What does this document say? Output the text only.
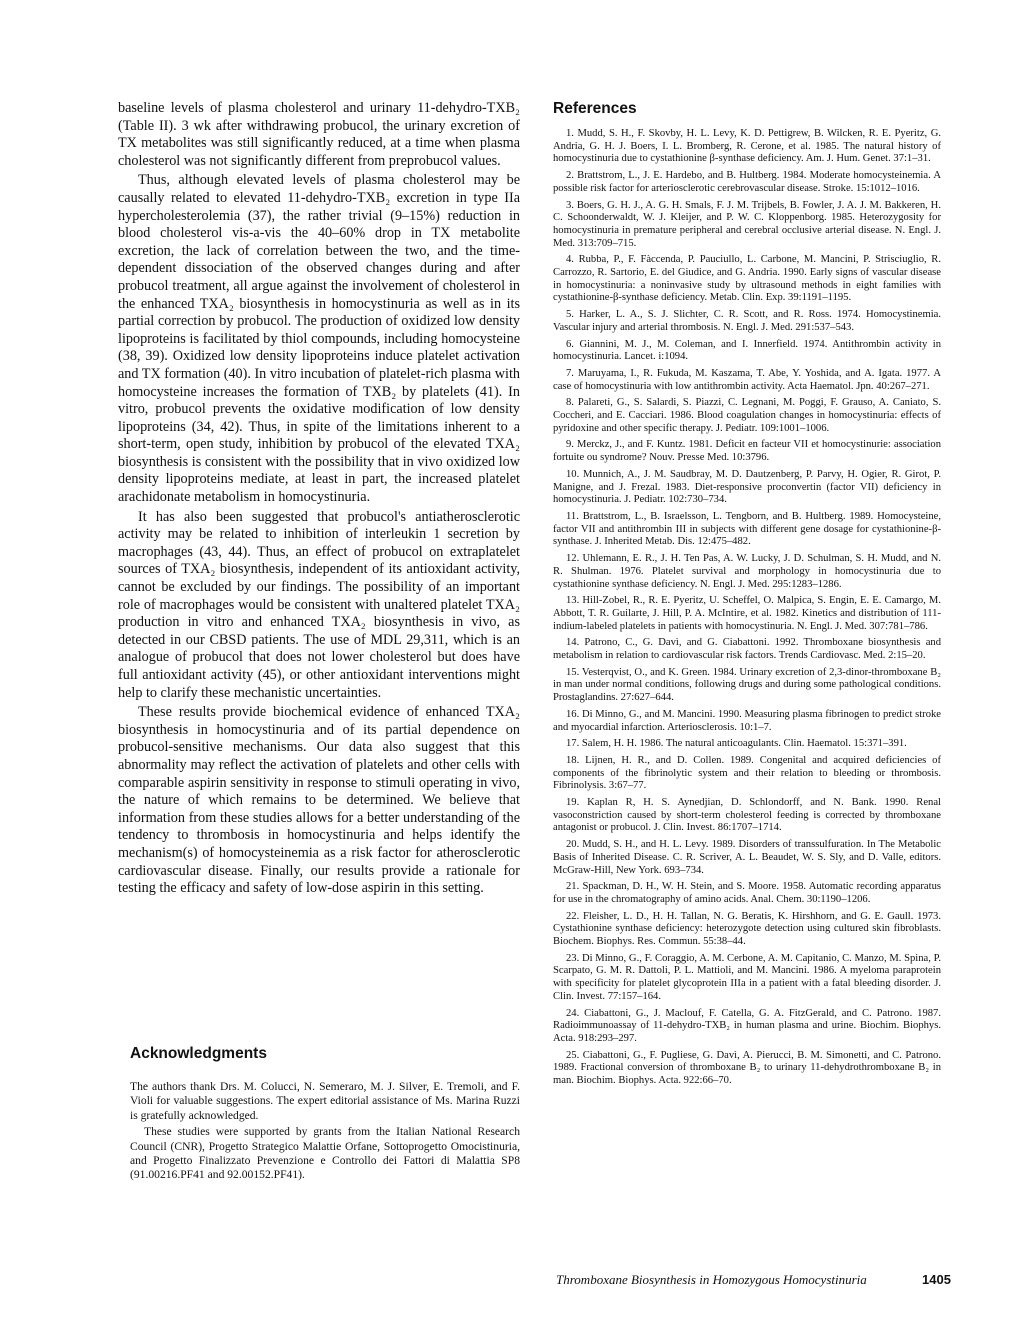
baseline levels of plasma cholesterol and urinary 11-dehydro-TXB₂ (Table II). 3 wk after withdrawing probucol, the urinary excretion of TX metabolites was still significantly reduced, at a time when plasma cholesterol was not significantly different from preprobucol values.

Thus, although elevated levels of plasma cholesterol may be causally related to elevated 11-dehydro-TXB₂ excretion in type IIa hypercholesterolemia (37), the rather trivial (9–15%) reduction in blood cholesterol vis-a-vis the 40–60% drop in TX metabolite excretion, the lack of correlation between the two, and the time-dependent dissociation of the observed changes during and after probucol treatment, all argue against the involvement of cholesterol in the enhanced TXA₂ biosynthesis in homocystinuria as well as in its partial correction by probucol. The production of oxidized low density lipoproteins is facilitated by thiol compounds, including homocysteine (38, 39). Oxidized low density lipoproteins induce platelet activation and TX formation (40). In vitro incubation of platelet-rich plasma with homocysteine increases the formation of TXB₂ by platelets (41). In vitro, probucol prevents the oxidative modification of low density lipoproteins (34, 42). Thus, in spite of the limitations inherent to a short-term, open study, inhibition by probucol of the elevated TXA₂ biosynthesis is consistent with the possibility that in vivo oxidized low density lipoproteins mediate, at least in part, the increased platelet arachidonate metabolism in homocystinuria.

It has also been suggested that probucol's antiatherosclerotic activity may be related to inhibition of interleukin 1 secretion by macrophages (43, 44). Thus, an effect of probucol on extraplatelet sources of TXA₂ biosynthesis, independent of its antioxidant activity, cannot be excluded by our findings. The possibility of an important role of macrophages would be consistent with unaltered platelet TXA₂ production in vitro and enhanced TXA₂ biosynthesis in vivo, as detected in our CBSD patients. The use of MDL 29,311, which is an analogue of probucol that does not lower cholesterol but does have full antioxidant activity (45), or other antioxidant interventions might help to clarify these mechanistic uncertainties.

These results provide biochemical evidence of enhanced TXA₂ biosynthesis in homocystinuria and of its partial dependence on probucol-sensitive mechanisms. Our data also suggest that this abnormality may reflect the activation of platelets and other cells with comparable aspirin sensitivity in response to stimuli operating in vivo, the nature of which remains to be determined. We believe that information from these studies allows for a better understanding of the tendency to thrombosis in homocystinuria and helps identify the mechanism(s) of homocysteinemia as a risk factor for atherosclerotic cardiovascular disease. Finally, our results provide a rationale for testing the efficacy and safety of low-dose aspirin in this setting.

Acknowledgments

The authors thank Drs. M. Colucci, N. Semeraro, M. J. Silver, E. Tremoli, and F. Violi for valuable suggestions. The expert editorial assistance of Ms. Marina Ruzzi is gratefully acknowledged.

These studies were supported by grants from the Italian National Research Council (CNR), Progetto Strategico Malattie Orfane, Sottoprogetto Omocistinuria, and Progetto Finalizzato Prevenzione e Controllo dei Fattori di Malattia SP8 (91.00216.PF41 and 92.00152.PF41).

References

1. Mudd, S. H., F. Skovby, H. L. Levy, K. D. Pettigrew, B. Wilcken, R. E. Pyeritz, G. Andria, G. H. J. Boers, I. L. Bromberg, R. Cerone, et al. 1985. The natural history of homocystinuria due to cystathionine β-synthase deficiency. Am. J. Hum. Genet. 37:1–31.

2. Brattstrom, L., J. E. Hardebo, and B. Hultberg. 1984. Moderate homocysteinemia. A possible risk factor for arteriosclerotic cerebrovascular disease. Stroke. 15:1012–1016.

3. Boers, G. H. J., A. G. H. Smals, F. J. M. Trijbels, B. Fowler, J. A. J. M. Bakkeren, H. C. Schoonderwaldt, W. J. Kleijer, and P. W. C. Kloppenborg. 1985. Heterozygosity for homocystinuria in premature peripheral and cerebral occlusive arterial disease. N. Engl. J. Med. 313:709–715.

4. Rubba, P., F. Fàccenda, P. Pauciullo, L. Carbone, M. Mancini, P. Strisciuglio, R. Carrozzo, R. Sartorio, E. del Giudice, and G. Andria. 1990. Early signs of vascular disease in homocystinuria: a noninvasive study by ultrasound methods in eight families with cystathionine-β-synthase deficiency. Metab. Clin. Exp. 39:1191–1195.

5. Harker, L. A., S. J. Slichter, C. R. Scott, and R. Ross. 1974. Homocystinemia. Vascular injury and arterial thrombosis. N. Engl. J. Med. 291:537–543.

6. Giannini, M. J., M. Coleman, and I. Innerfield. 1974. Antithrombin activity in homocystinuria. Lancet. i:1094.

7. Maruyama, I., R. Fukuda, M. Kaszama, T. Abe, Y. Yoshida, and A. Igata. 1977. A case of homocystinuria with low antithrombin activity. Acta Haematol. Jpn. 40:267–271.

8. Palareti, G., S. Salardi, S. Piazzi, C. Legnani, M. Poggi, F. Grauso, A. Caniato, S. Coccheri, and E. Cacciari. 1986. Blood coagulation changes in homocystinuria: effects of pyridoxine and other specific therapy. J. Pediatr. 109:1001–1006.

9. Merckz, J., and F. Kuntz. 1981. Deficit en facteur VII et homocystinurie: association fortuite ou syndrome? Nouv. Presse Med. 10:3796.

10. Munnich, A., J. M. Saudbray, M. D. Dautzenberg, P. Parvy, H. Ogier, R. Girot, P. Manigne, and J. Frezal. 1983. Diet-responsive proconvertin (factor VII) deficiency in homocystinuria. J. Pediatr. 102:730–734.

11. Brattstrom, L., B. Israelsson, L. Tengborn, and B. Hultberg. 1989. Homocysteine, factor VII and antithrombin III in subjects with different gene dosage for cystathionine-β-synthase. J. Inherited Metab. Dis. 12:475–482.

12. Uhlemann, E. R., J. H. Ten Pas, A. W. Lucky, J. D. Schulman, S. H. Mudd, and N. R. Shulman. 1976. Platelet survival and morphology in homocystinuria due to cystathionine synthase deficiency. N. Engl. J. Med. 295:1283–1286.

13. Hill-Zobel, R., R. E. Pyeritz, U. Scheffel, O. Malpica, S. Engin, E. E. Camargo, M. Abbott, T. R. Guilarte, J. Hill, P. A. McIntire, et al. 1982. Kinetics and distribution of 111-indium-labeled platelets in patients with homocystinuria. N. Engl. J. Med. 307:781–786.

14. Patrono, C., G. Davì, and G. Ciabattoni. 1992. Thromboxane biosynthesis and metabolism in relation to cardiovascular risk factors. Trends Cardiovasc. Med. 2:15–20.

15. Vesterqvist, O., and K. Green. 1984. Urinary excretion of 2,3-dinor-thromboxane B₂ in man under normal conditions, following drugs and during some pathological conditions. Prostaglandins. 27:627–644.

16. Di Minno, G., and M. Mancini. 1990. Measuring plasma fibrinogen to predict stroke and myocardial infarction. Arteriosclerosis. 10:1–7.

17. Salem, H. H. 1986. The natural anticoagulants. Clin. Haematol. 15:371–391.

18. Lijnen, H. R., and D. Collen. 1989. Congenital and acquired deficiencies of components of the fibrinolytic system and their relation to bleeding or thrombosis. Fibrinolysis. 3:67–77.

19. Kaplan R, H. S. Aynedjian, D. Schlondorff, and N. Bank. 1990. Renal vasoconstriction caused by short-term cholesterol feeding is corrected by thromboxane antagonist or probucol. J. Clin. Invest. 86:1707–1714.

20. Mudd, S. H., and H. L. Levy. 1989. Disorders of transsulfuration. In The Metabolic Basis of Inherited Disease. C. R. Scriver, A. L. Beaudet, W. S. Sly, and D. Valle, editors. McGraw-Hill, New York. 693–734.

21. Spackman, D. H., W. H. Stein, and S. Moore. 1958. Automatic recording apparatus for use in the chromatography of amino acids. Anal. Chem. 30:1190–1206.

22. Fleisher, L. D., H. H. Tallan, N. G. Beratis, K. Hirshhorn, and G. E. Gaull. 1973. Cystathionine synthase deficiency: heterozygote detection using cultured skin fibroblasts. Biochem. Biophys. Res. Commun. 55:38–44.

23. Di Minno, G., F. Coraggio, A. M. Cerbone, A. M. Capitanio, C. Manzo, M. Spina, P. Scarpato, G. M. R. Dattoli, P. L. Mattioli, and M. Mancini. 1986. A myeloma paraprotein with specificity for platelet glycoprotein IIIa in a patient with a fatal bleeding disorder. J. Clin. Invest. 77:157–164.

24. Ciabattoni, G., J. Maclouf, F. Catella, G. A. FitzGerald, and C. Patrono. 1987. Radioimmunoassay of 11-dehydro-TXB₂ in human plasma and urine. Biochim. Biophys. Acta. 918:293–297.

25. Ciabattoni, G., F. Pugliese, G. Davì, A. Pierucci, B. M. Simonetti, and C. Patrono. 1989. Fractional conversion of thromboxane B₂ to urinary 11-dehydrothromboxane B₂ in man. Biochim. Biophys. Acta. 922:66–70.

Thromboxane Biosynthesis in Homozygous Homocystinuria	1405
